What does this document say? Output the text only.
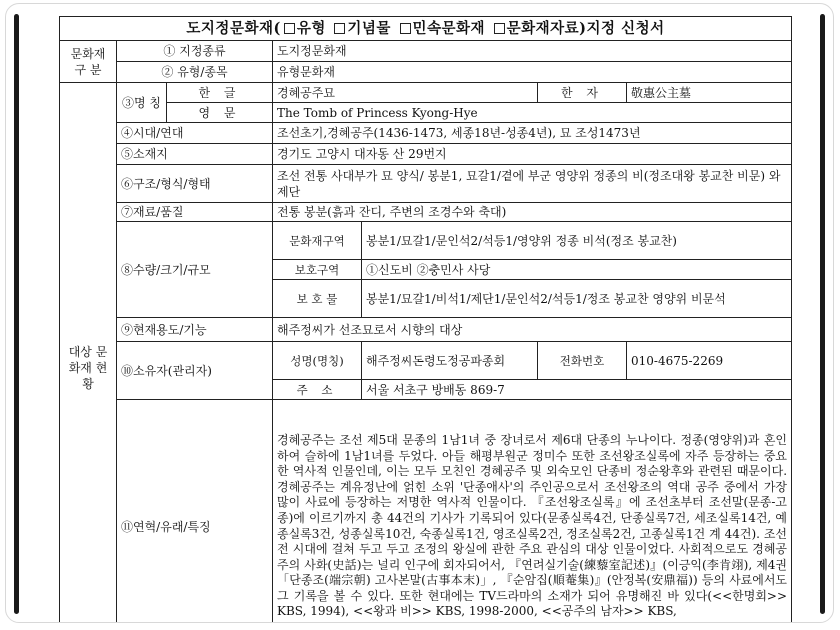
도지정문화재( 유형 기념물 민속문화재 문화재자료)지정 신청서						
문화재 구 분	① 지정종류		도지정문화재			
	② 유형/종목		유형문화재			
대상 문화재 현황	③명 칭	한 글	경혜공주묘		한 자	敬惠公主墓
		영 문	The Tomb of Princess Kyong-Hye			
	④시대/연대		조선초기,경혜공주(1436-1473, 세종18년-성종4년), 묘 조성1473년			
	⑤소재지		경기도 고양시 대자동 산 29번지			
	⑥구조/형식/형태		조선 전통 사대부가 묘 양식/ 봉분1, 묘갈1/곁에 부군 영양위 정종의 비(정조대왕 봉교찬 비문) 와 제단			
	⑦재료/품질		전통 봉분(흙과 잔디, 주변의 조경수와 축대)			
	⑧수량/크기/규모		문화재구역	봉분1/묘갈1/문인석2/석등1/영양위 정종 비석(정조 봉교찬)		
			보호구역	①신도비 ②충민사 사당		
			보 호 물	봉분1/묘갈1/비석1/제단1/문인석2/석등1/정조 봉교찬 영양위 비문석		
	⑨현재용도/기능		해주정씨가 선조묘로서 시향의 대상			
	⑩소유자(관리자)		성명(명칭)	해주정씨돈령도정공파종회	전화번호	010-4675-2269
			주 소	서울 서초구 방배동 869-7		
	⑪연혁/유래/특징		경혜공주는 조선 제5대 문종의 1남1녀 중 장녀로서 제6대 단종의 누나이다. 정종(영양위)과 혼인하여 슬하에 1남1녀를 두었다. 아들 해평부원군 정미수 또한 조선왕조실록에 자주 등장하는 중요한 역사적 인물인데, 이는 모두 모친인 경혜공주 및 외숙모인 단종비 정순왕후와 관련된 때문이다. 경혜공주는 계유정난에 얽힌 소위 '단종애사'의 주인공으로서 조선왕조의 역대 공주 중에서 가장 많이 사료에 등장하는 저명한 역사적 인물이다. 『조선왕조실록』에 조선초부터 조선말(문종-고종)에 이르기까지 총 44건의 기사가 기록되어 있다(문종실록4건, 단종실록7건, 세조실록14건, 예종실록3건, 성종실록10건, 숙종실록1건, 영조실록2건, 정조실록2건, 고종실록1건 계 44건). 조선 전 시대에 걸쳐 두고 두고 조정의 왕실에 관한 주요 관심의 대상 인물이었다. 사회적으로도 경혜공주의 사화(史話)는 널리 인구에 회자되어서, 『연려실기술(練藜室記述)』(이긍익(李肯翊), 제4권 「단종조(端宗朝) 고사본말(古事本末)」, 『순암집(順菴集)』(안정복(安鼎福)) 등의 사료에서도 그 기록을 볼 수 있다. 또한 현대에는 TV드라마의 소재가 되어 유명해진 바 있다(<<한명회>> KBS, 1994), <<왕과 비>> KBS, 1998-2000, <<공주의 남자>> KBS,			
